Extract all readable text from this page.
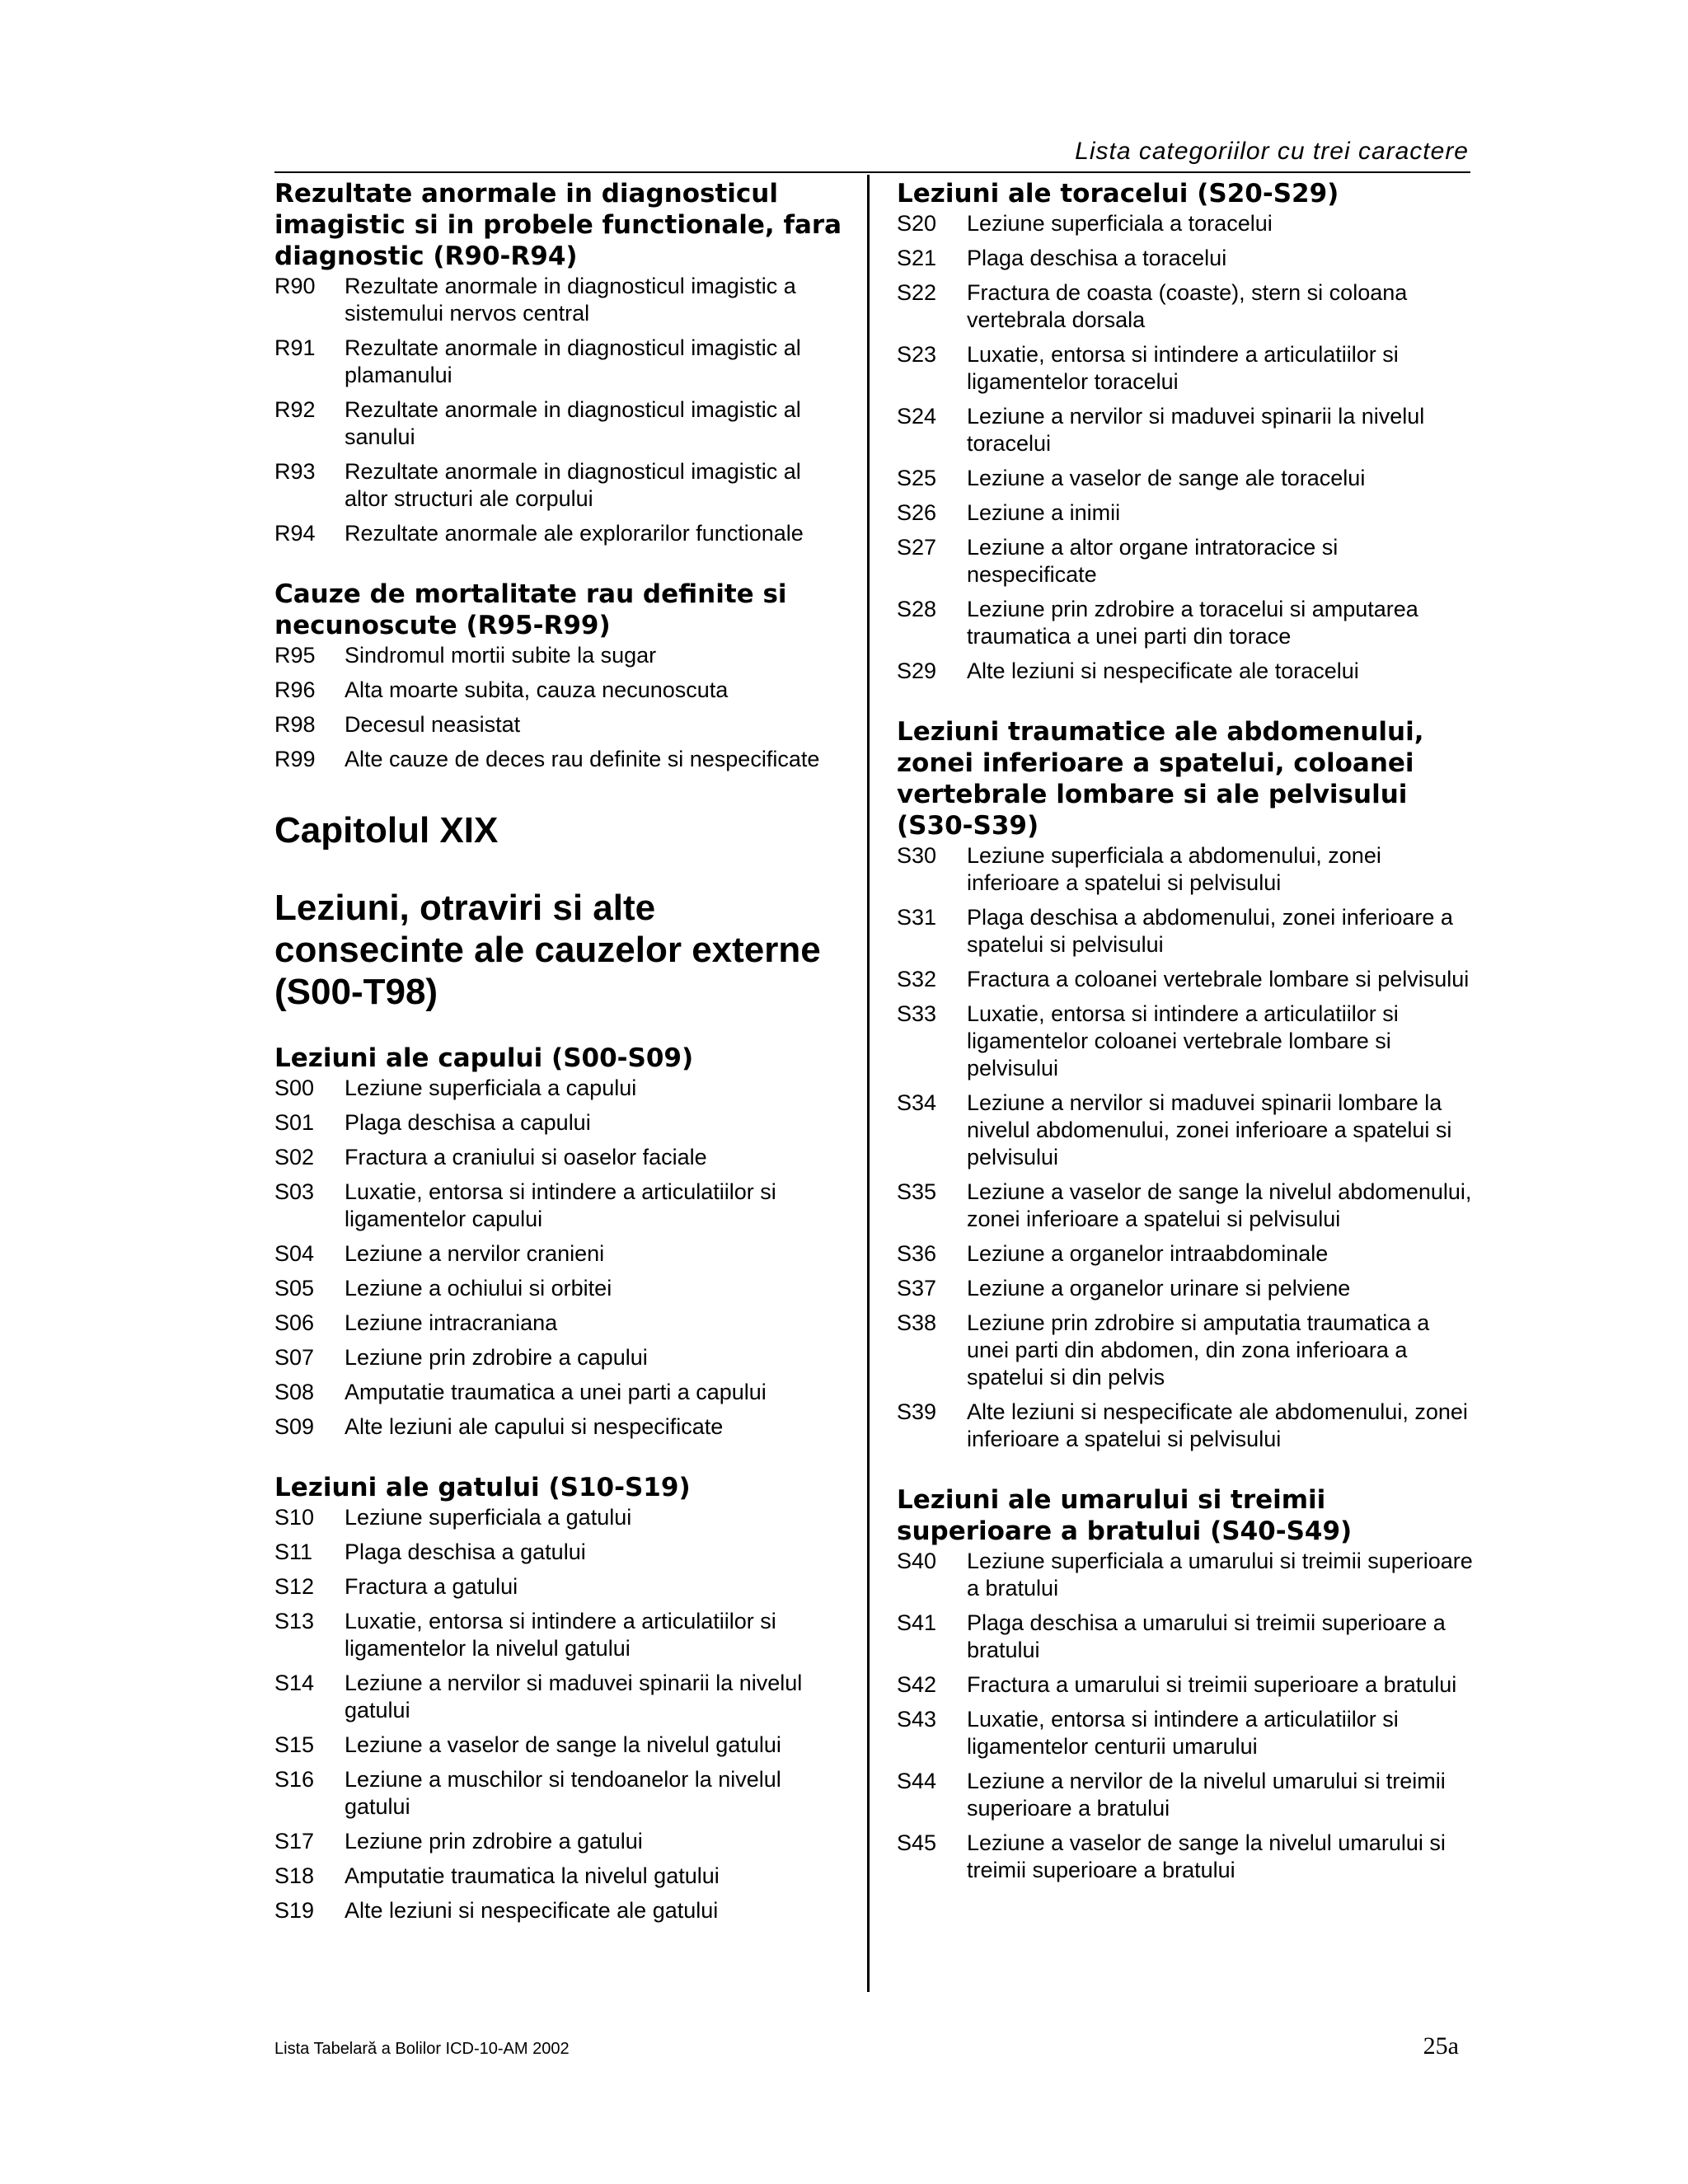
Lista categoriilor cu trei caractere
Rezultate anormale in diagnosticul imagistic si in probele functionale, fara diagnostic (R90-R94)
R90	Rezultate anormale in diagnosticul imagistic a sistemului nervos central
R91	Rezultate anormale in diagnosticul imagistic al plamanului
R92	Rezultate anormale in diagnosticul imagistic al sanului
R93	Rezultate anormale in diagnosticul imagistic al altor structuri ale corpului
R94	Rezultate anormale ale explorarilor functionale
Cauze de mortalitate rau definite si necunoscute (R95-R99)
R95	Sindromul mortii subite la sugar
R96	Alta moarte subita, cauza necunoscuta
R98	Decesul neasistat
R99	Alte cauze de deces rau definite si nespecificate
Capitolul XIX
Leziuni, otraviri si alte consecinte ale cauzelor externe (S00-T98)
Leziuni ale capului (S00-S09)
S00	Leziune superficiala a capului
S01	Plaga deschisa a capului
S02	Fractura a craniului si oaselor faciale
S03	Luxatie, entorsa si intindere a articulatiilor si ligamentelor capului
S04	Leziune a nervilor cranieni
S05	Leziune a ochiului si orbitei
S06	Leziune intracraniana
S07	Leziune prin zdrobire a capului
S08	Amputatie traumatica a unei parti a capului
S09	Alte leziuni ale capului si nespecificate
Leziuni ale gatului (S10-S19)
S10	Leziune superficiala a gatului
S11	Plaga deschisa a gatului
S12	Fractura a gatului
S13	Luxatie, entorsa si intindere a articulatiilor si ligamentelor la nivelul gatului
S14	Leziune a nervilor si maduvei spinarii la nivelul gatului
S15	Leziune a vaselor de sange la nivelul gatului
S16	Leziune a muschilor si tendoanelor la nivelul gatului
S17	Leziune prin zdrobire a gatului
S18	Amputatie traumatica la nivelul gatului
S19	Alte leziuni si nespecificate ale gatului
Leziuni ale toracelui (S20-S29)
S20	Leziune superficiala a toracelui
S21	Plaga deschisa a toracelui
S22	Fractura de coasta (coaste), stern si coloana vertebrala dorsala
S23	Luxatie, entorsa si intindere a articulatiilor si ligamentelor toracelui
S24	Leziune a nervilor si maduvei spinarii la nivelul toracelui
S25	Leziune a vaselor de sange ale toracelui
S26	Leziune a inimii
S27	Leziune a altor organe intratoracice si nespecificate
S28	Leziune prin zdrobire a toracelui si amputarea traumatica a unei parti din torace
S29	Alte leziuni si nespecificate ale toracelui
Leziuni traumatice ale abdomenului, zonei inferioare a spatelui, coloanei vertebrale lombare si ale pelvisului (S30-S39)
S30	Leziune superficiala a abdomenului, zonei inferioare a spatelui si pelvisului
S31	Plaga deschisa a abdomenului, zonei inferioare a spatelui si pelvisului
S32	Fractura a coloanei vertebrale lombare si pelvisului
S33	Luxatie, entorsa si intindere a articulatiilor si ligamentelor coloanei vertebrale lombare si pelvisului
S34	Leziune a nervilor si maduvei spinarii lombare la nivelul abdomenului, zonei inferioare a spatelui si pelvisului
S35	Leziune a vaselor de sange la nivelul abdomenului, zonei inferioare a spatelui si pelvisului
S36	Leziune a organelor intraabdominale
S37	Leziune a organelor urinare si pelviene
S38	Leziune prin zdrobire si amputatia traumatica a unei parti din abdomen, din zona inferioara a spatelui si din pelvis
S39	Alte leziuni si nespecificate ale abdomenului, zonei inferioare a spatelui si pelvisului
Leziuni ale umarului si treimii superioare a bratului (S40-S49)
S40	Leziune superficiala a umarului si treimii superioare a bratului
S41	Plaga deschisa a umarului si treimii superioare a bratului
S42	Fractura a umarului si treimii superioare a bratului
S43	Luxatie, entorsa si intindere a articulatiilor si ligamentelor centurii umarului
S44	Leziune a nervilor de la nivelul umarului si treimii superioare a bratului
S45	Leziune a vaselor de sange la nivelul umarului si treimii superioare a bratului
Lista Tabelară a Bolilor ICD-10-AM 2002	25a
